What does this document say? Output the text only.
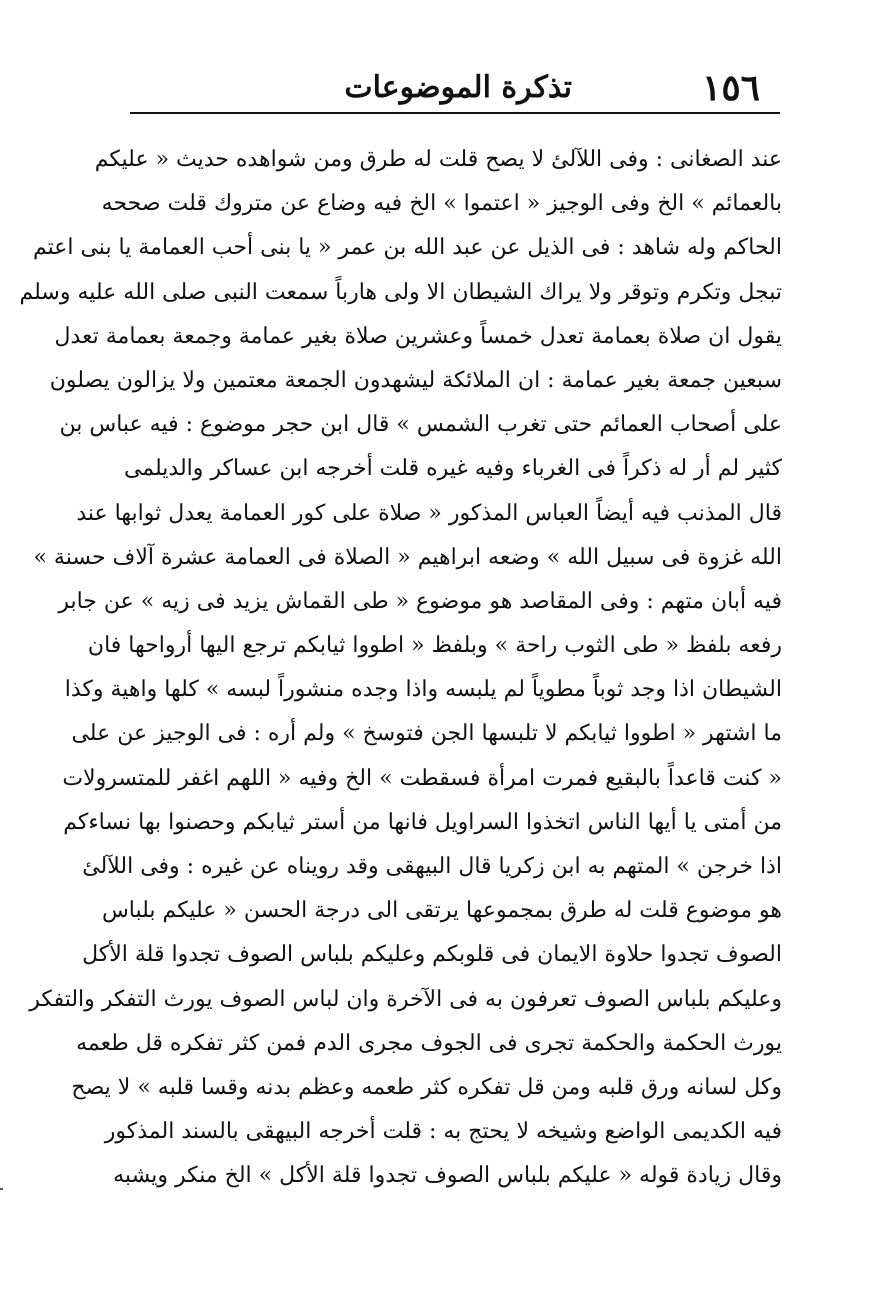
١٥٦
تذكرة الموضوعات
عند الصغانى : وفى اللآلئ لا يصح قلت له طرق ومن شواهده حديث « عليكم
بالعمائم » الخ وفى الوجيز « اعتموا » الخ فيه وضاع عن متروك قلت صححه
الحاكم وله شاهد : فى الذيل عن عبد الله بن عمر « يا بنى أحب العمامة يا بنى اعتم
تبجل وتكرم وتوقر ولا يراك الشيطان الا ولى هارباً سمعت النبى صلى الله عليه وسلم
يقول ان صلاة بعمامة تعدل خمساً وعشرين صلاة بغير عمامة وجمعة بعمامة تعدل
سبعين جمعة بغير عمامة : ان الملائكة ليشهدون الجمعة معتمين ولا يزالون يصلون
على أصحاب العمائم حتى تغرب الشمس » قال ابن حجر موضوع : فيه عباس بن
كثير لم أر له ذكراً فى الغرباء وفيه غيره قلت أخرجه ابن عساكر والديلمى
قال المذنب فيه أيضاً العباس المذكور « صلاة على كور العمامة يعدل ثوابها عند
الله غزوة فى سبيل الله » وضعه ابراهيم « الصلاة فى العمامة عشرة آلاف حسنة »
فيه أبان متهم : وفى المقاصد هو موضوع « طى القماش يزيد فى زيه » عن جابر
رفعه بلفظ « طى الثوب راحة » وبلفظ « اطووا ثيابكم ترجع اليها أرواحها فان
الشيطان اذا وجد ثوباً مطوياً لم يلبسه واذا وجده منشوراً لبسه » كلها واهية وكذا
ما اشتهر « اطووا ثيابكم لا تلبسها الجن فتوسخ » ولم أره : فى الوجيز عن على
« كنت قاعداً بالبقيع فمرت امرأة فسقطت » الخ وفيه « اللهم اغفر للمتسرولات
من أمتى يا أيها الناس اتخذوا السراويل فانها من أستر ثيابكم وحصنوا بها نساءكم
اذا خرجن » المتهم به ابن زكريا قال البيهقى وقد رويناه عن غيره : وفى اللآلئ
هو موضوع قلت له طرق بمجموعها يرتقى الى درجة الحسن « عليكم بلباس
الصوف تجدوا حلاوة الايمان فى قلوبكم وعليكم بلباس الصوف تجدوا قلة الأكل
وعليكم بلباس الصوف تعرفون به فى الآخرة وان لباس الصوف يورث التفكر والتفكر
يورث الحكمة والحكمة تجرى فى الجوف مجرى الدم فمن كثر تفكره قل طعمه
وكل لسانه ورق قلبه ومن قل تفكره كثر طعمه وعظم بدنه وقسا قلبه » لا يصح
فيه الكديمى الواضع وشيخه لا يحتج به : قلت أخرجه البيهقى بالسند المذكور
وقال زيادة قوله « عليكم بلباس الصوف تجدوا قلة الأكل » الخ منكر ويشبه
